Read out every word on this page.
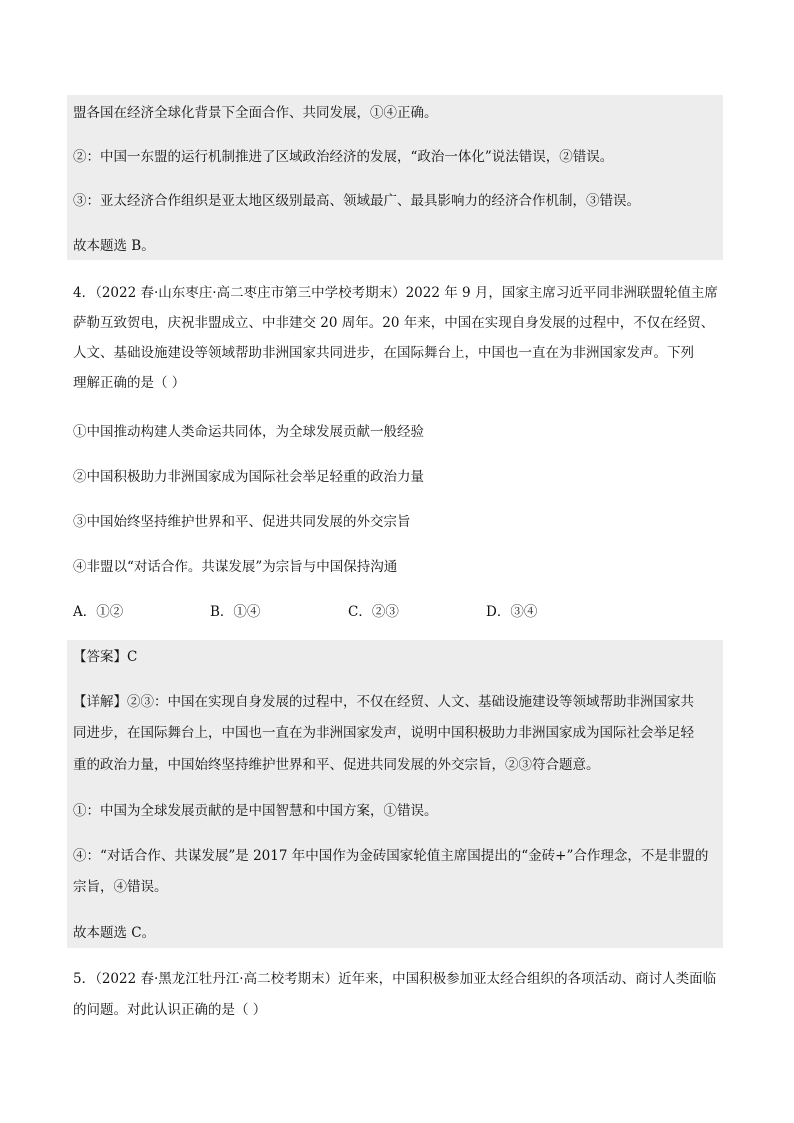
盟各国在经济全球化背景下全面合作、共同发展，①④正确。
②：中国一东盟的运行机制推进了区域政治经济的发展，“政治一体化”说法错误，②错误。
③：亚太经济合作组织是亚太地区级别最高、领域最广、最具影响力的经济合作机制，③错误。
故本题选 B。
4．（2022 春·山东枣庄·高二枣庄市第三中学校考期末）2022 年 9 月，国家主席习近平同非洲联盟轮值主席
萨勒互致贺电，庆祝非盟成立、中非建交 20 周年。20 年来，中国在实现自身发展的过程中，不仅在经贸、
人文、基础设施建设等领域帮助非洲国家共同进步，在国际舞台上，中国也一直在为非洲国家发声。下列
理解正确的是（ ）
①中国推动构建人类命运共同体，为全球发展贡献一般经验
②中国积极助力非洲国家成为国际社会举足轻重的政治力量
③中国始终坚持维护世界和平、促进共同发展的外交宗旨
④非盟以“对话合作。共谋发展”为宗旨与中国保持沟通
A．①②	B．①④	C．②③	D．③④
【答案】C
【详解】②③：中国在实现自身发展的过程中，不仅在经贸、人文、基础设施建设等领域帮助非洲国家共
同进步，在国际舞台上，中国也一直在为非洲国家发声，说明中国积极助力非洲国家成为国际社会举足轻
重的政治力量，中国始终坚持维护世界和平、促进共同发展的外交宗旨，②③符合题意。
①：中国为全球发展贡献的是中国智慧和中国方案，①错误。
④：“对话合作、共谋发展”是 2017 年中国作为金砖国家轮值主席国提出的“金砖+”合作理念，不是非盟的
宗旨，④错误。
故本题选 C。
5．（2022 春·黑龙江牡丹江·高二校考期末）近年来，中国积极参加亚太经合组织的各项活动、商讨人类面临
的问题。对此认识正确的是（ ）
